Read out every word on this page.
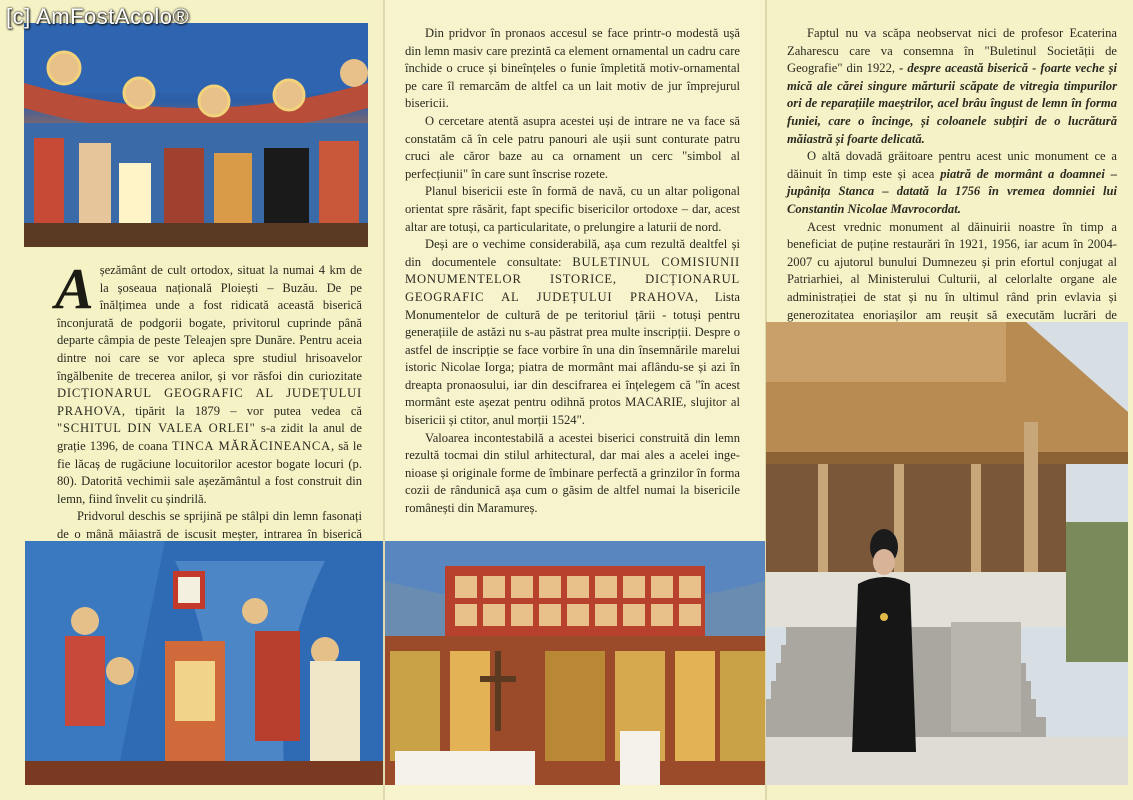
[c] AmFostAcolo®

Așezământ de cult ortodox, situat la numai 4 km de la șoseaua națională Ploiești – Buzău. De pe înălțimea unde a fost ridicată această biserică înconjurată de podgorii bogate, privitorul cuprinde până departe câmpia de peste Teleajen spre Dunăre. Pentru aceia dintre noi care se vor apleca spre studiul hrisoavelor îngălbenite de trecerea anilor, și vor răsfoi din curiozitate DICȚIONARUL GEOGRAFIC AL JUDEȚULUI PRAHOVA, tipărit la 1879 – vor putea vedea că "SCHITUL DIN VALEA ORLEI" s-a zidit la anul de grație 1396, de coana TINCA MĂRĂCINEANCA, să le fie lăcaș de rugăciune locuitorilor acestor bogate locuri (p. 80). Datorită vechimii sale așezământul a fost construit din lemn, fiind învelit cu șindrilă.

Pridvorul deschis se sprijină pe stâlpi din lemn fasonați de o mână măiastră de iscusit meșter, intrarea în biserică

Din pridvor în pronaos accesul se face printr-o modestă ușă din lemn masiv care prezintă ca element ornamental un cadru care închide o cruce și bineînțeles o funie împletită motiv-ornamental pe care îl remarcăm de altfel ca un lait motiv de jur împrejurul bisericii.

O cercetare atentă asupra acestei uși de intrare ne va face să constatăm că în cele patru panouri ale ușii sunt conturate patru cruci ale căror baze au ca ornament un cerc "simbol al perfecțiunii" în care sunt înscrise rozete.

Planul bisericii este în formă de navă, cu un altar poligonal orientat spre răsărit, fapt specific bisericilor ortodoxe – dar, acest altar are totuși, ca particularitate, o prelungire a laturii de nord.

Deși are o vechime considerabilă, așa cum rezultă dealtfel și din documentele consultate: BULETINUL COMISIUNII MONUMENTELOR ISTORICE, DICȚIONARUL GEOGRAFIC AL JUDEȚULUI PRAHOVA, Lista Monumentelor de cultură de pe teritoriul țării - totuși pentru generațiile de astăzi nu s-au păstrat prea multe inscripții. Despre o astfel de inscripție se face vorbire în una din însemnările marelui istoric Nicolae Iorga; piatra de mormânt mai aflându-se și azi în dreapta pronaosului, iar din descifrarea ei înțelegem că "în acest mormânt este așezat pentru odihnă protos MACARIE, slujitor al bisericii și ctitor, anul morții 1524".

Valoarea incontestabilă a acestei biserici construită din lemn rezultă tocmai din stilul arhitectural, dar mai ales a acelei inge-nioase și originale forme de îmbinare perfectă a grinzilor în forma cozii de rândunică așa cum o găsim de altfel numai la bisericile românești din Maramureș.

Faptul nu va scăpa neobservat nici de profesor Ecaterina Zaharescu care va consemna în "Buletinul Societății de Geografie" din 1922, - despre această biserică - foarte veche și mică ale cărei singure mărturii scăpate de vitregia timpurilor ori de reparațiile maeștrilor, acel brâu îngust de lemn în forma funiei, care o încinge, și coloanele subțiri de o lucrătură măiastră și foarte delicată.

O altă dovadă grăitoare pentru acest unic monument ce a dăinuit în timp este și acea piatră de mormânt a doamnei – jupânița Stanca – datată la 1756 în vremea domniei lui Constantin Nicolae Mavrocordat.

Acest vrednic monument al dăinuirii noastre în timp a beneficiat de puține restaurări în 1921, 1956, iar acum în 2004-2007 cu ajutorul bunului Dumnezeu și prin efortul conjugat al Patriarhiei, al Ministerului Culturii, al celorlalte organe ale administrației de stat și nu în ultimul rând prin evlavia și generozitatea enoriașilor am reușit să executăm lucrări de
